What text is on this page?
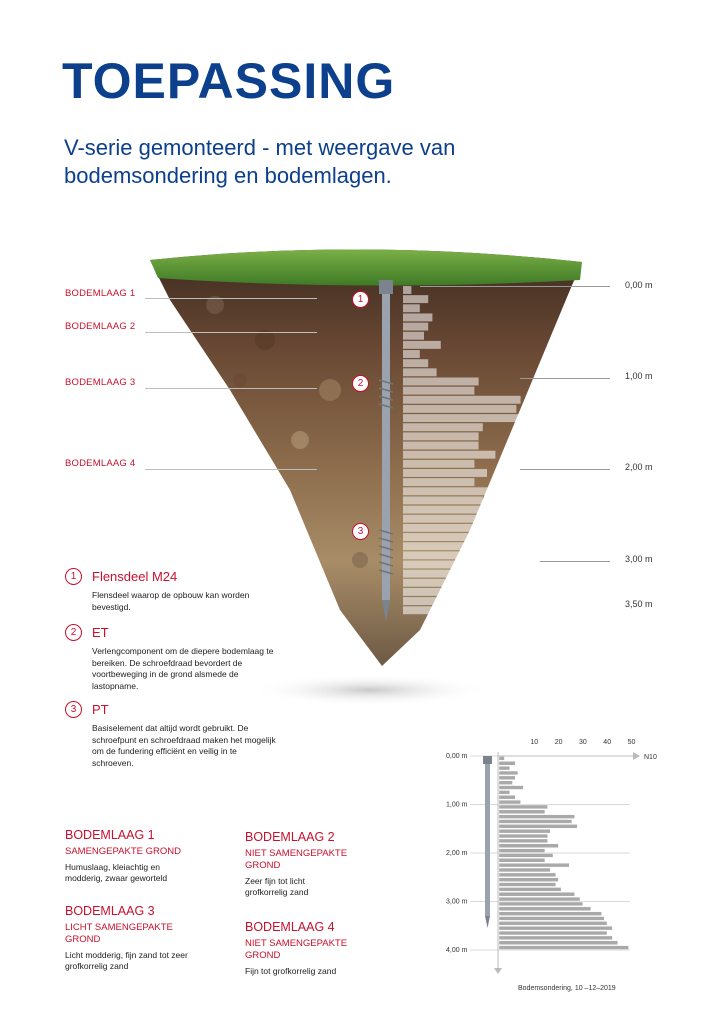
TOEPASSING
V-serie gemonteerd - met weergave van bodemsondering en bodemlagen.
BODEMLAAG 1
BODEMLAAG 2
BODEMLAAG 3
BODEMLAAG 4
1
2
3
0,00 m
1,00 m
2,00 m
3,00 m
3,50 m
1	Flensdeel M24
Flensdeel waarop de opbouw kan worden bevestigd.
2	ET
Verlengcomponent om de diepere bodemlaag te bereiken. De schroefdraad bevordert de voortbeweging in de grond alsmede de lastopname.
3	PT
Basiselement dat altijd wordt gebruikt. De schroefpunt en schroefdraad maken het mogelijk om de fundering efficiënt en veilig in te schroeven.
BODEMLAAG 1
SAMENGEPAKTE GROND
Humuslaag, kleiachtig en modderig, zwaar geworteld
BODEMLAAG 2
NIET SAMENGEPAKTE GROND
Zeer fijn tot licht grofkorrelig zand
BODEMLAAG 3
LICHT SAMENGEPAKTE GROND
Licht modderig, fijn zand tot zeer grofkorrelig zand
BODEMLAAG 4
NIET SAMENGEPAKTE GROND
Fijn tot grofkorrelig zand
10 20 30 40 50
N10
0,00 m
1,00 m
2,00 m
3,00 m
4,00 m
Bodemsondering, 10 –12–2019
